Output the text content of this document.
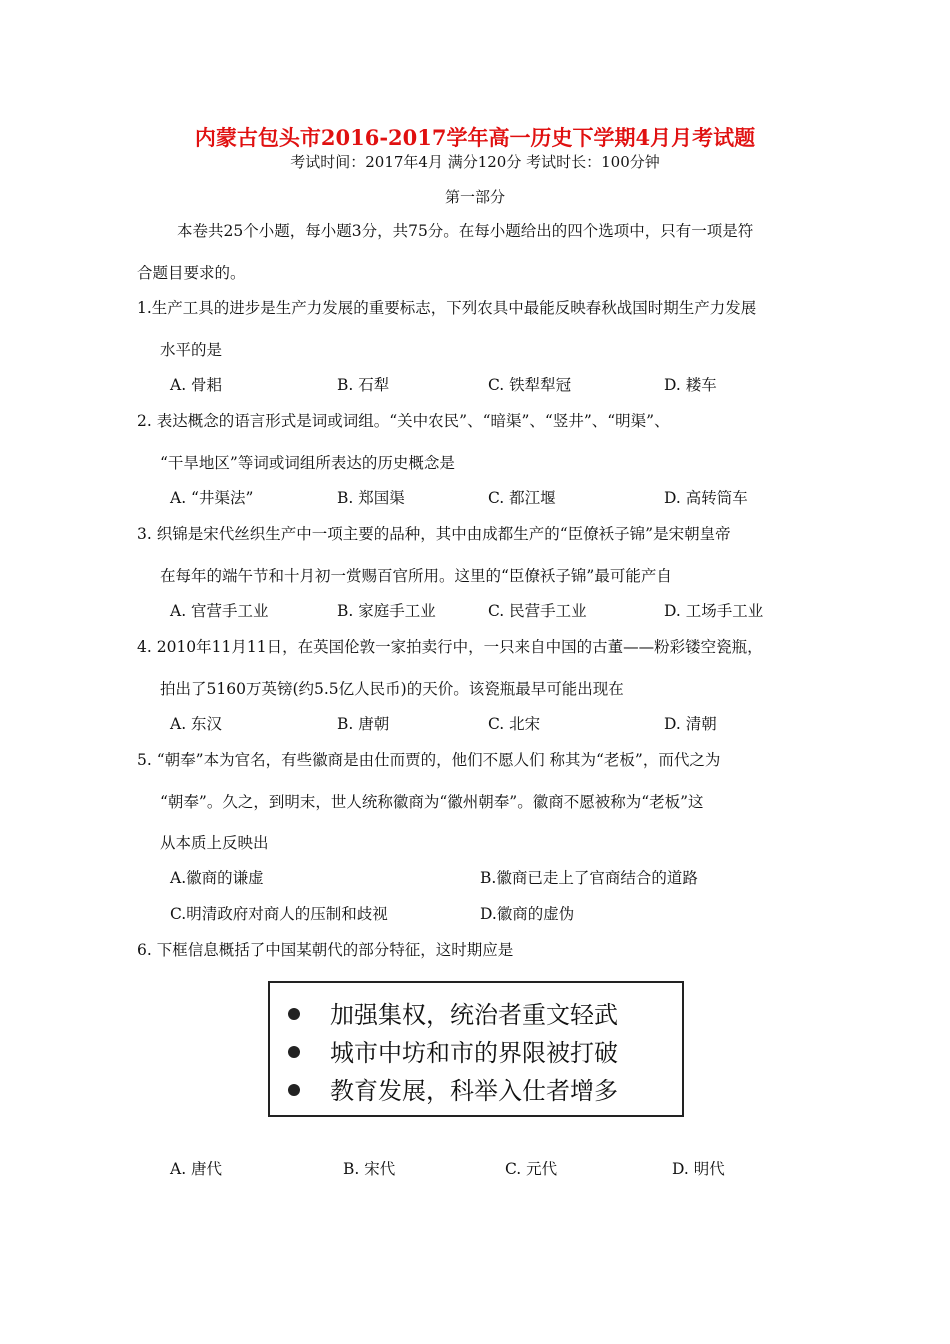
内蒙古包头市2016-2017学年高一历史下学期4月月考试题
考试时间：2017年4月 满分120分 考试时长：100分钟
第一部分
本卷共25个小题，每小题3分，共75分。在每小题给出的四个选项中，只有一项是符
合题目要求的。
1.生产工具的进步是生产力发展的重要标志，下列农具中最能反映春秋战国时期生产力发展
水平的是
A. 骨耜	B. 石犁	C. 铁犁犁冠	D. 耧车
2. 表达概念的语言形式是词或词组。“关中农民”、“暗渠”、“竖井”、“明渠”、
“干旱地区”等词或词组所表达的历史概念是
A. “井渠法”	B. 郑国渠	C. 都江堰	D. 高转筒车
3. 织锦是宋代丝织生产中一项主要的品种，其中由成都生产的“臣僚袄子锦”是宋朝皇帝
在每年的端午节和十月初一赏赐百官所用。这里的“臣僚袄子锦”最可能产自
A. 官营手工业	B. 家庭手工业	C. 民营手工业	D. 工场手工业
4. 2010年11月11日，在英国伦敦一家拍卖行中，一只来自中国的古董——粉彩镂空瓷瓶，
拍出了5160万英镑(约5.5亿人民币)的天价。该瓷瓶最早可能出现在
A. 东汉	B. 唐朝	C. 北宋	D. 清朝
5. “朝奉”本为官名，有些徽商是由仕而贾的，他们不愿人们 称其为“老板”，而代之为
“朝奉”。久之，到明末，世人统称徽商为“徽州朝奉”。徽商不愿被称为“老板”这
从本质上反映出
A.徽商的谦虚	B.徽商已走上了官商结合的道路
C.明清政府对商人的压制和歧视	D.徽商的虚伪
6. 下框信息概括了中国某朝代的部分特征，这时期应是
加强集权，统治者重文轻武
城市中坊和市的界限被打破
教育发展，科举入仕者增多
A. 唐代	B. 宋代	C. 元代	D. 明代
